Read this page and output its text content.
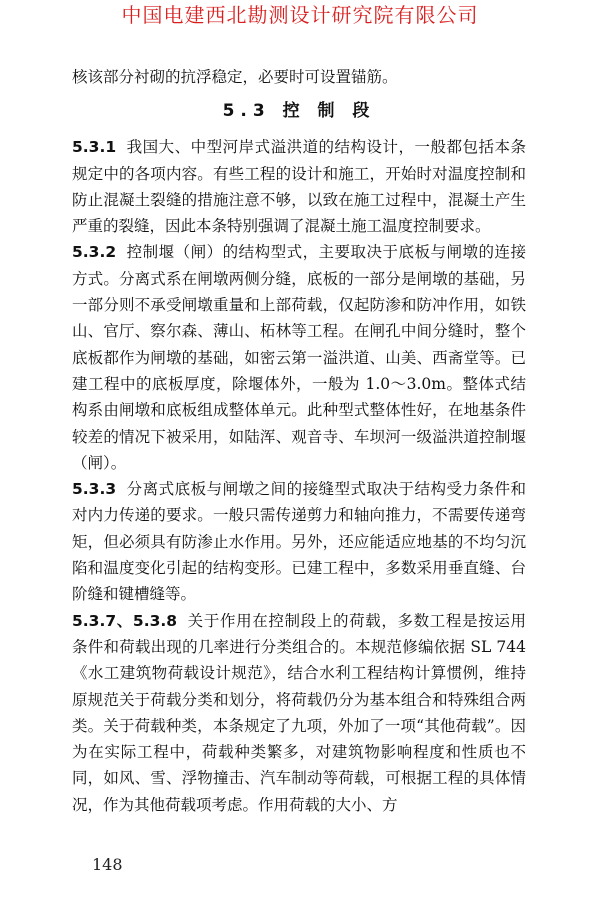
中国电建西北勘测设计研究院有限公司

核该部分衬砌的抗浮稳定，必要时可设置锚筋。

5.3 控 制 段

5.3.1 我国大、中型河岸式溢洪道的结构设计，一般都包括本条规定中的各项内容。有些工程的设计和施工，开始时对温度控制和防止混凝土裂缝的措施注意不够，以致在施工过程中，混凝土产生严重的裂缝，因此本条特别强调了混凝土施工温度控制要求。

5.3.2 控制堰（闸）的结构型式，主要取决于底板与闸墩的连接方式。分离式系在闸墩两侧分缝，底板的一部分是闸墩的基础，另一部分则不承受闸墩重量和上部荷载，仅起防渗和防冲作用，如铁山、官厅、察尔森、薄山、柘林等工程。在闸孔中间分缝时，整个底板都作为闸墩的基础，如密云第一溢洪道、山美、西斋堂等。已建工程中的底板厚度，除堰体外，一般为 1.0～3.0m。整体式结构系由闸墩和底板组成整体单元。此种型式整体性好，在地基条件较差的情况下被采用，如陆浑、观音寺、车坝河一级溢洪道控制堰（闸）。

5.3.3 分离式底板与闸墩之间的接缝型式取决于结构受力条件和对内力传递的要求。一般只需传递剪力和轴向推力，不需要传递弯矩，但必须具有防渗止水作用。另外，还应能适应地基的不均匀沉陷和温度变化引起的结构变形。已建工程中，多数采用垂直缝、台阶缝和键槽缝等。

5.3.7、5.3.8 关于作用在控制段上的荷载，多数工程是按运用条件和荷载出现的几率进行分类组合的。本规范修编依据 SL 744《水工建筑物荷载设计规范》，结合水利工程结构计算惯例，维持原规范关于荷载分类和划分，将荷载仍分为基本组合和特殊组合两类。关于荷载种类，本条规定了九项，外加了一项“其他荷载”。因为在实际工程中，荷载种类繁多，对建筑物影响程度和性质也不同，如风、雪、浮物撞击、汽车制动等荷载，可根据工程的具体情况，作为其他荷载项考虑。作用荷载的大小、方

148
